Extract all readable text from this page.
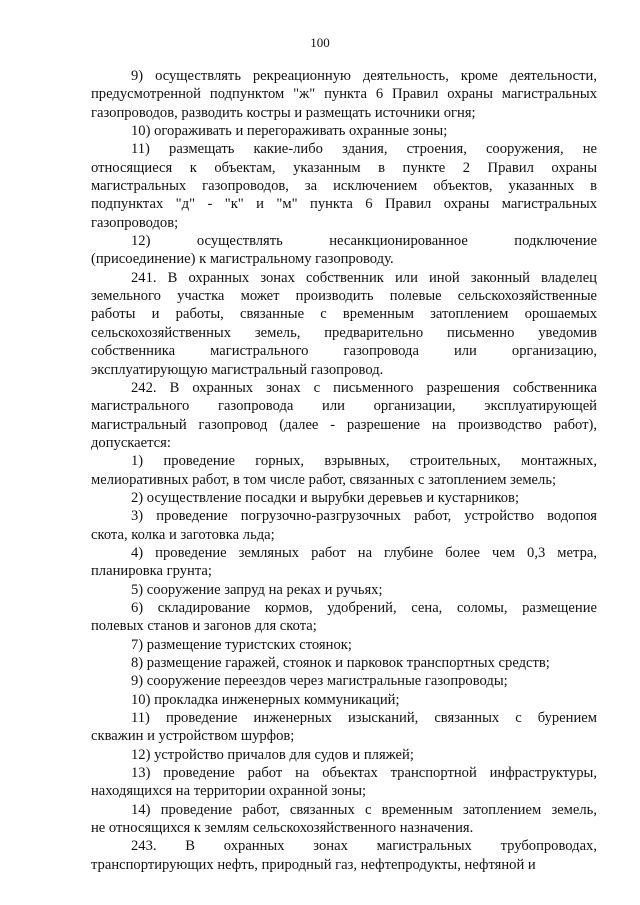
100
9) осуществлять рекреационную деятельность, кроме деятельности,
предусмотренной подпунктом "ж" пункта 6 Правил охраны магистральных
газопроводов, разводить костры и размещать источники огня;
10) огораживать и перегораживать охранные зоны;
11) размещать какие-либо здания, строения, сооружения, не
относящиеся к объектам, указанным в пункте 2 Правил охраны
магистральных газопроводов, за исключением объектов, указанных в
подпунктах "д" - "к" и "м" пункта 6 Правил охраны магистральных
газопроводов;
12) осуществлять несанкционированное подключение
(присоединение) к магистральному газопроводу.
241. В охранных зонах собственник или иной законный владелец
земельного участка может производить полевые сельскохозяйственные
работы и работы, связанные с временным затоплением орошаемых
сельскохозяйственных земель, предварительно письменно уведомив
собственника магистрального газопровода или организацию,
эксплуатирующую магистральный газопровод.
242. В охранных зонах с письменного разрешения собственника
магистрального газопровода или организации, эксплуатирующей
магистральный газопровод (далее - разрешение на производство работ),
допускается:
1) проведение горных, взрывных, строительных, монтажных,
мелиоративных работ, в том числе работ, связанных с затоплением земель;
2) осуществление посадки и вырубки деревьев и кустарников;
3) проведение погрузочно-разгрузочных работ, устройство водопоя
скота, колка и заготовка льда;
4) проведение земляных работ на глубине более чем 0,3 метра,
планировка грунта;
5) сооружение запруд на реках и ручьях;
6) складирование кормов, удобрений, сена, соломы, размещение
полевых станов и загонов для скота;
7) размещение туристских стоянок;
8) размещение гаражей, стоянок и парковок транспортных средств;
9) сооружение переездов через магистральные газопроводы;
10) прокладка инженерных коммуникаций;
11) проведение инженерных изысканий, связанных с бурением
скважин и устройством шурфов;
12) устройство причалов для судов и пляжей;
13) проведение работ на объектах транспортной инфраструктуры,
находящихся на территории охранной зоны;
14) проведение работ, связанных с временным затоплением земель,
не относящихся к землям сельскохозяйственного назначения.
243. В охранных зонах магистральных трубопроводах,
транспортирующих нефть, природный газ, нефтепродукты, нефтяной и
